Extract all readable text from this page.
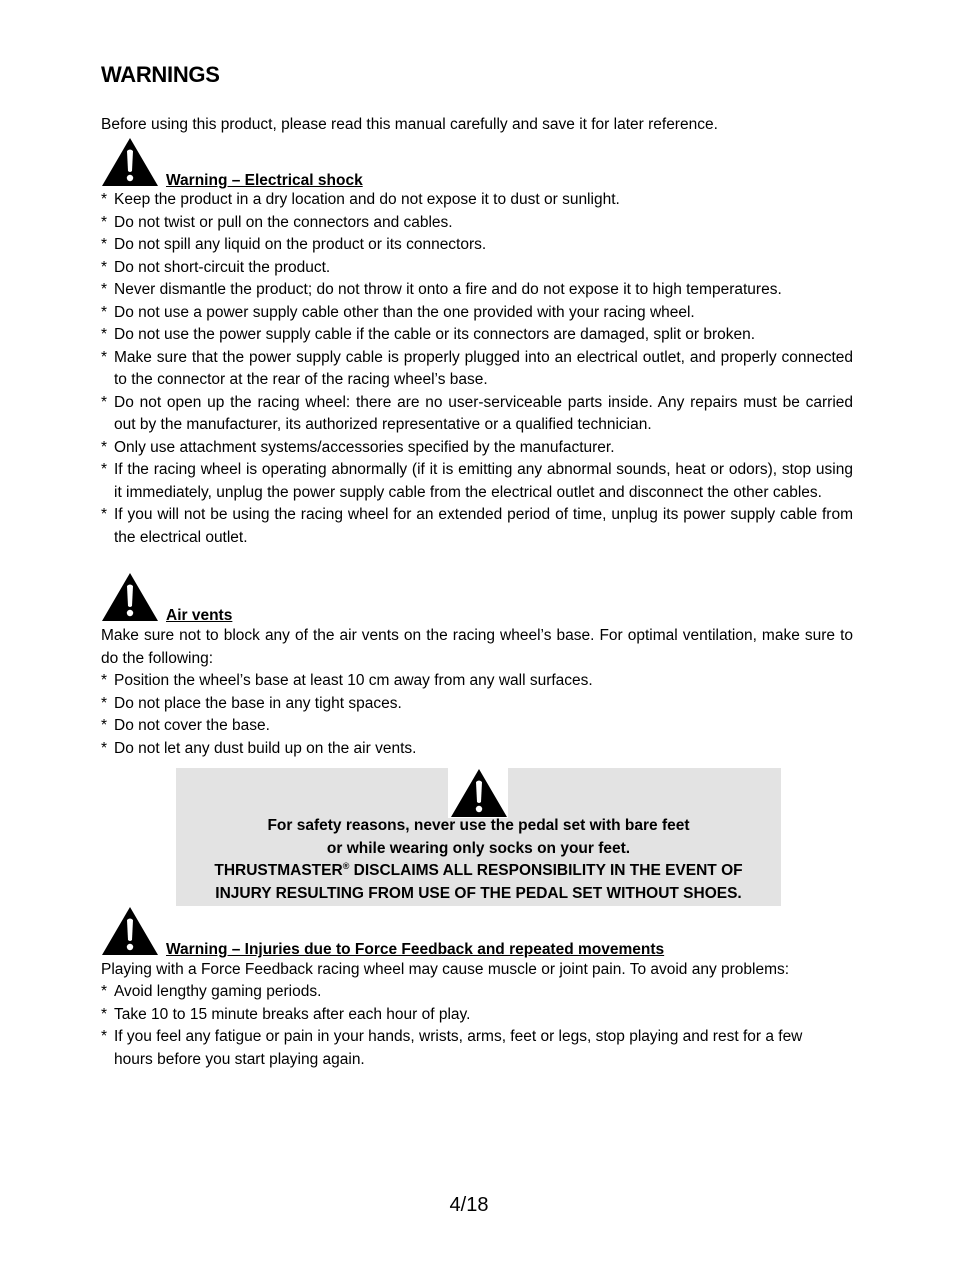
WARNINGS
Before using this product, please read this manual carefully and save it for later reference.
Warning – Electrical shock
* Keep the product in a dry location and do not expose it to dust or sunlight.
* Do not twist or pull on the connectors and cables.
* Do not spill any liquid on the product or its connectors.
* Do not short-circuit the product.
* Never dismantle the product; do not throw it onto a fire and do not expose it to high temperatures.
* Do not use a power supply cable other than the one provided with your racing wheel.
* Do not use the power supply cable if the cable or its connectors are damaged, split or broken.
* Make sure that the power supply cable is properly plugged into an electrical outlet, and properly connected to the connector at the rear of the racing wheel’s base.
* Do not open up the racing wheel: there are no user-serviceable parts inside. Any repairs must be carried out by the manufacturer, its authorized representative or a qualified technician.
* Only use attachment systems/accessories specified by the manufacturer.
* If the racing wheel is operating abnormally (if it is emitting any abnormal sounds, heat or odors), stop using it immediately, unplug the power supply cable from the electrical outlet and disconnect the other cables.
* If you will not be using the racing wheel for an extended period of time, unplug its power supply cable from the electrical outlet.
Air vents
Make sure not to block any of the air vents on the racing wheel’s base. For optimal ventilation, make sure to do the following:
* Position the wheel’s base at least 10 cm away from any wall surfaces.
* Do not place the base in any tight spaces.
* Do not cover the base.
* Do not let any dust build up on the air vents.
For safety reasons, never use the pedal set with bare feet
or while wearing only socks on your feet.
THRUSTMASTER® DISCLAIMS ALL RESPONSIBILITY IN THE EVENT OF
INJURY RESULTING FROM USE OF THE PEDAL SET WITHOUT SHOES.
Warning – Injuries due to Force Feedback and repeated movements
Playing with a Force Feedback racing wheel may cause muscle or joint pain. To avoid any problems:
* Avoid lengthy gaming periods.
* Take 10 to 15 minute breaks after each hour of play.
* If you feel any fatigue or pain in your hands, wrists, arms, feet or legs, stop playing and rest for a few hours before you start playing again.
4/18
